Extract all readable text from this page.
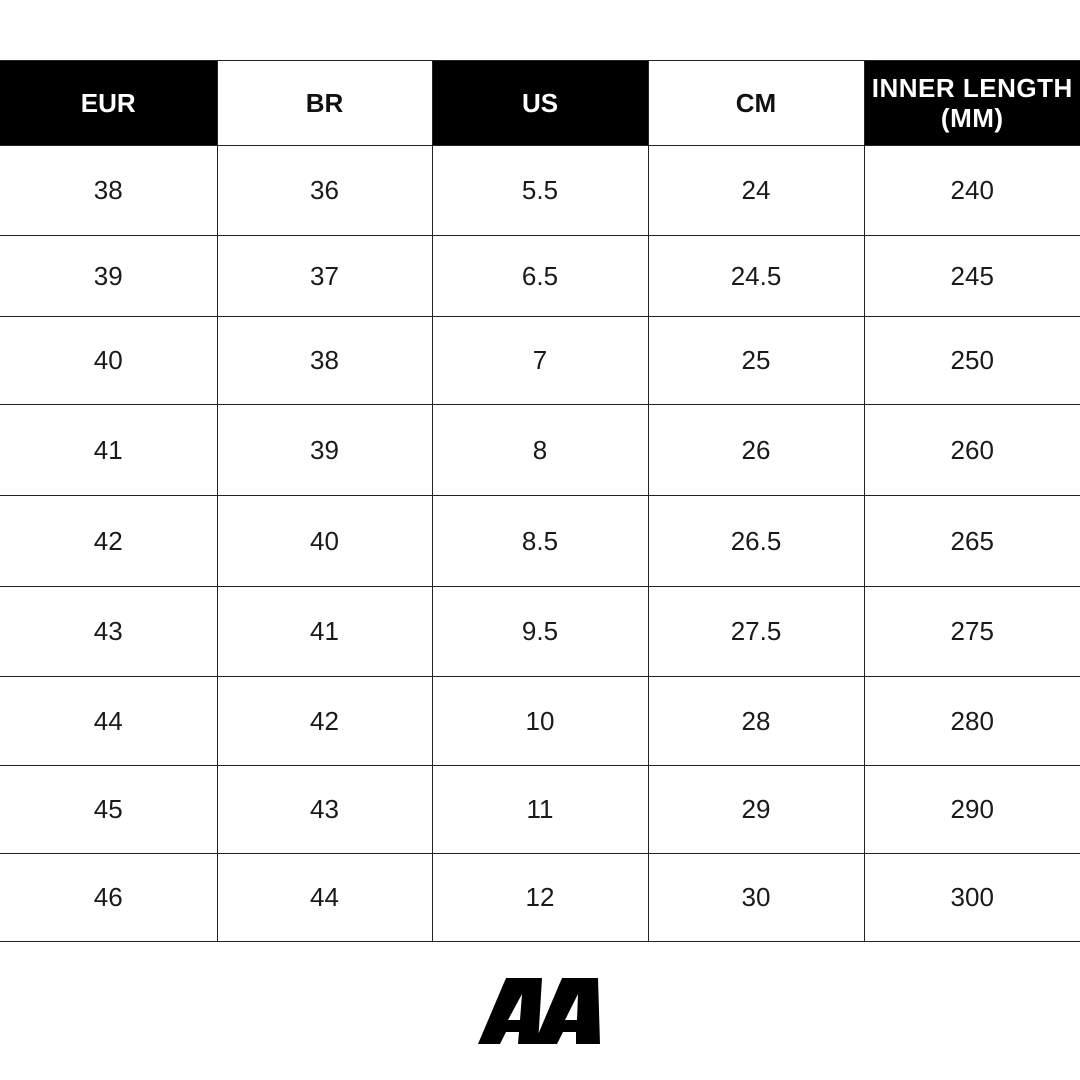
EUR	BR	US	CM	INNER LENGTH (MM)
38	36	5.5	24	240
39	37	6.5	24.5	245
40	38	7	25	250
41	39	8	26	260
42	40	8.5	26.5	265
43	41	9.5	27.5	275
44	42	10	28	280
45	43	11	29	290
46	44	12	30	300
